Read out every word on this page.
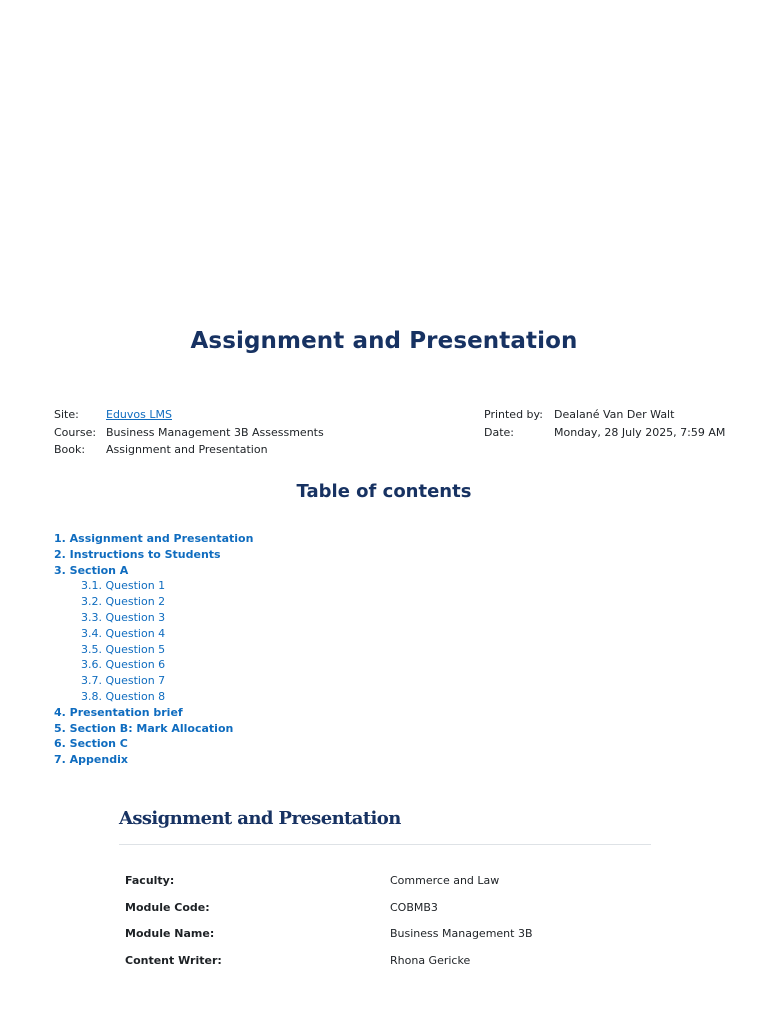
Assignment and Presentation
Site:	Eduvos LMS
Course: Business Management 3B Assessments
Book:	Assignment and Presentation
Printed by:	Dealané Van Der Walt
Date:	Monday, 28 July 2025, 7:59 AM
Table of contents
1. Assignment and Presentation
2. Instructions to Students
3. Section A
3.1. Question 1
3.2. Question 2
3.3. Question 3
3.4. Question 4
3.5. Question 5
3.6. Question 6
3.7. Question 7
3.8. Question 8
4. Presentation brief
5. Section B: Mark Allocation
6. Section C
7. Appendix
Assignment and Presentation
Faculty:	Commerce and Law
Module Code:	COBMB3
Module Name:	Business Management 3B
Content Writer:	Rhona Gericke
